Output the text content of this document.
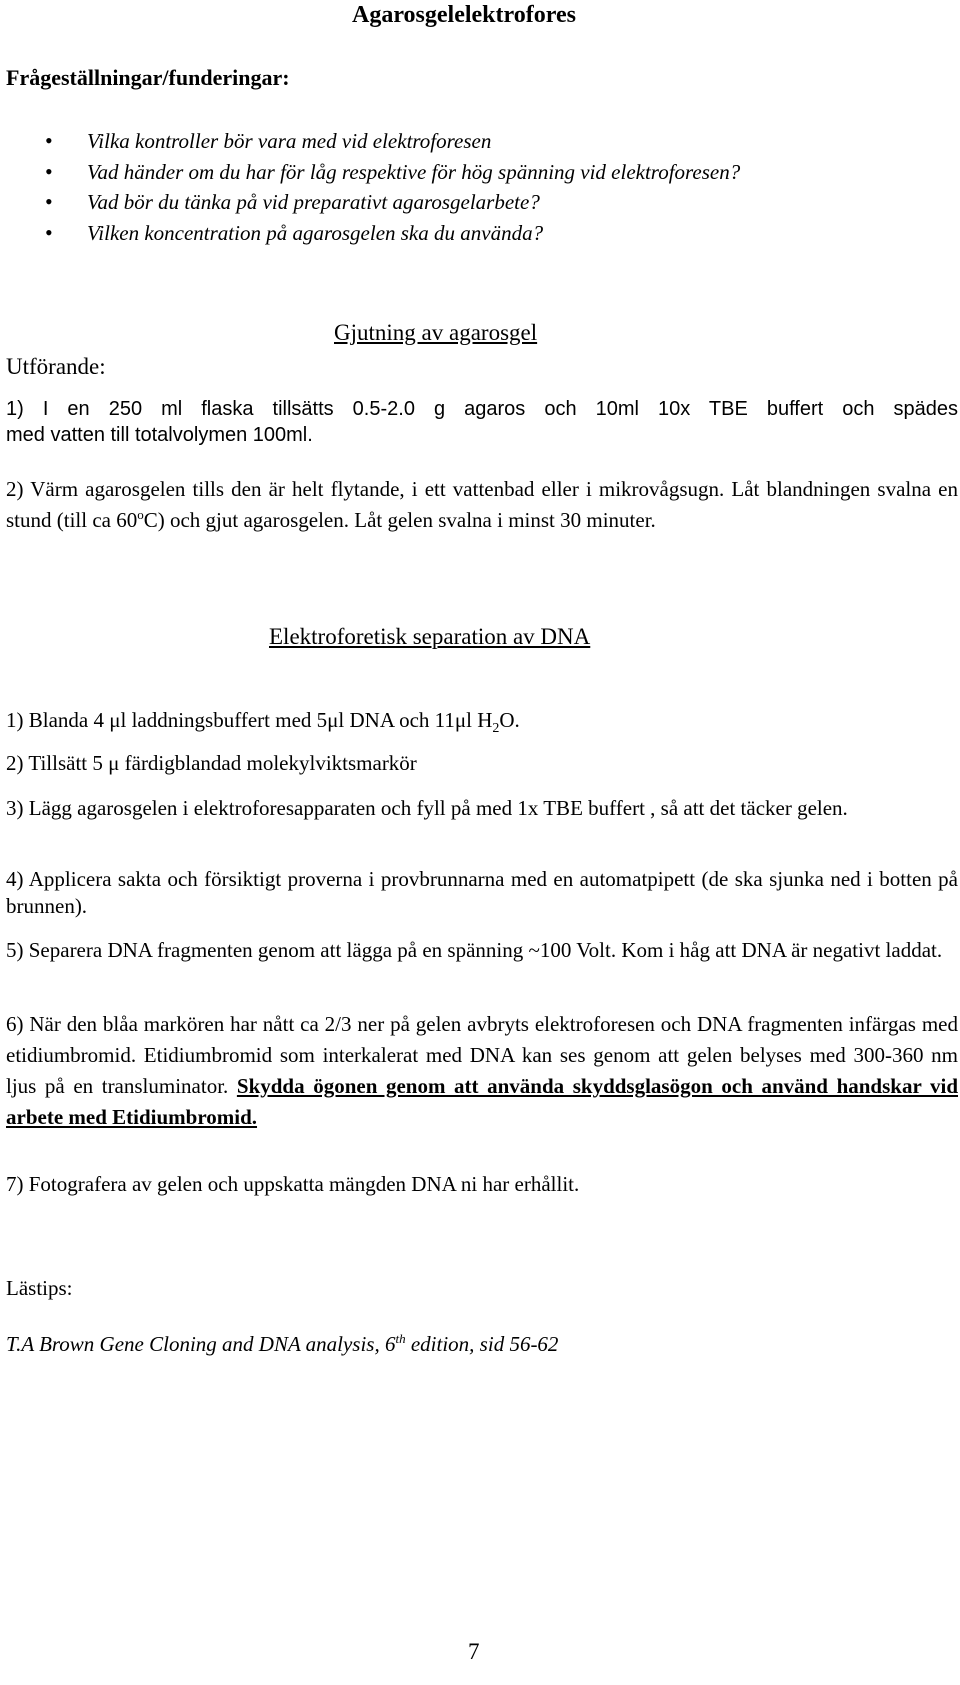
Agarosgelelektrofores
Frågeställningar/funderingar:
• Vilka kontroller bör vara med vid elektroforesen
• Vad händer om du har för låg respektive för hög spänning vid elektroforesen?
• Vad bör du tänka på vid preparativt agarosgelarbete?
• Vilken koncentration på agarosgelen ska du använda?
Gjutning av agarosgel
Utförande:

1) I en 250 ml flaska tillsätts 0.5-2.0 g agaros och 10ml 10x TBE buffert och spädes
med vatten till totalvolymen 100ml.

2) Värm agarosgelen tills den är helt flytande, i ett vattenbad eller i mikrovågsugn. Låt blandningen svalna en stund (till ca 60$^o$C) och gjut agarosgelen. Låt gelen svalna i minst 30 minuter.

Elektroforetisk separation av DNA

1) Blanda 4 μl laddningsbuffert med 5μl DNA och 11μl $H_2O$.

2) Tillsätt 5 μ färdigblandad molekylviktsmarkör

3) Lägg agarosgelen i elektroforesapparaten och fyll på med 1x TBE buffert , så att det täcker gelen.

4) Applicera sakta och försiktigt proverna i provbrunnarna med en automatpipett (de ska sjunka ned i botten på brunnen).

5) Separera DNA fragmenten genom att lägga på en spänning ~100 Volt. Kom i håg att DNA är negativt laddat.

6) När den blåa markören har nått ca 2/3 ner på gelen avbryts elektroforesen och DNA fragmenten infärgas med etidiumbromid. Etidiumbromid som interkalerat med DNA kan ses genom att gelen belyses med 300-360 nm ljus på en transluminator. Skydda ögonen genom att använda skyddsglasögon och använd handskar vid arbete med Etidiumbromid.

7) Fotografera av gelen och uppskatta mängden DNA ni har erhållit.

Lästips:
T.A Brown Gene Cloning and DNA analysis, 6th edition, sid 56-62
7
